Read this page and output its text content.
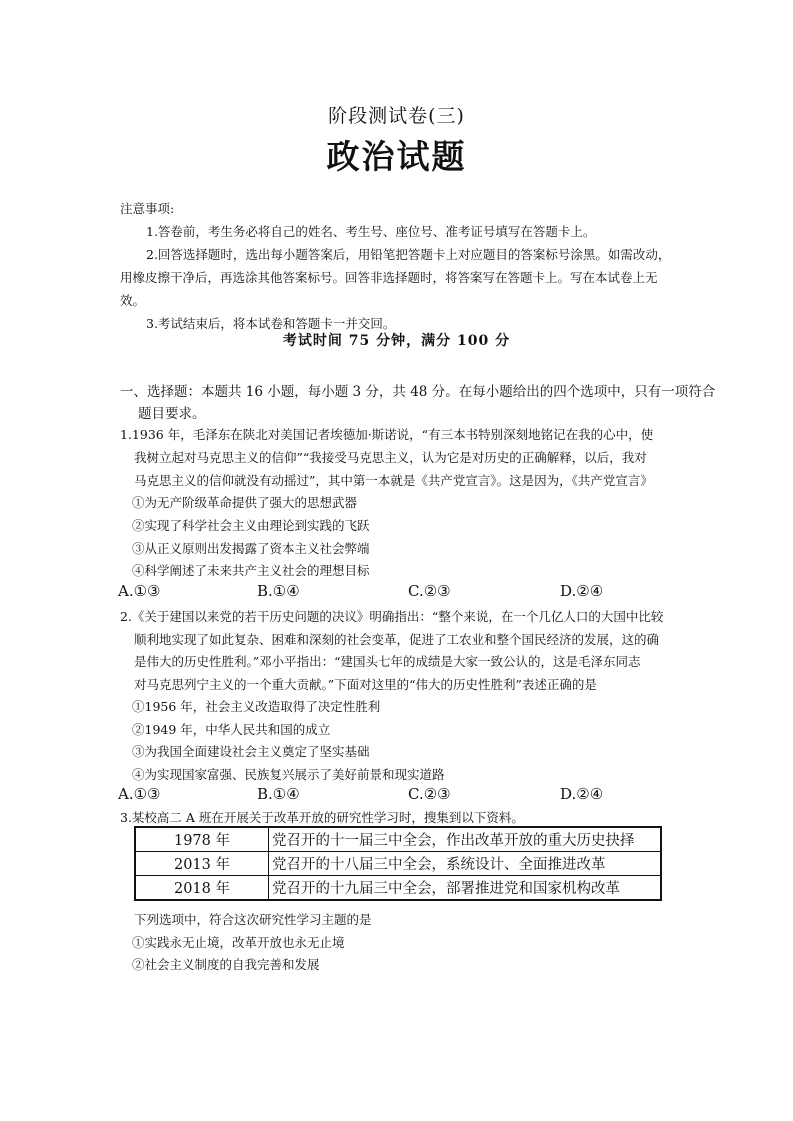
阶段测试卷(三)
政治试题
注意事项:
1.答卷前，考生务必将自己的姓名、考生号、座位号、准考证号填写在答题卡上。
2.回答选择题时，选出每小题答案后，用铅笔把答题卡上对应题目的答案标号涂黑。如需改动，
用橡皮擦干净后，再选涂其他答案标号。回答非选择题时，将答案写在答题卡上。写在本试卷上无
效。
3.考试结束后，将本试卷和答题卡一并交回。
考试时间 75 分钟，满分 100 分
一、选择题：本题共 16 小题，每小题 3 分，共 48 分。在每小题给出的四个选项中，只有一项符合
题目要求。
1.1936 年，毛泽东在陕北对美国记者埃德加·斯诺说，“有三本书特别深刻地铭记在我的心中，使
我树立起对马克思主义的信仰”“我接受马克思主义，认为它是对历史的正确解释，以后，我对
马克思主义的信仰就没有动摇过”，其中第一本就是《共产党宣言》。这是因为，《共产党宣言》
①为无产阶级革命提供了强大的思想武器
②实现了科学社会主义由理论到实践的飞跃
③从正义原则出发揭露了资本主义社会弊端
④科学阐述了未来共产主义社会的理想目标
A.①③	B.①④	C.②③	D.②④
2.《关于建国以来党的若干历史问题的决议》明确指出：“整个来说，在一个几亿人口的大国中比较
顺利地实现了如此复杂、困难和深刻的社会变革，促进了工农业和整个国民经济的发展，这的确
是伟大的历史性胜利。”邓小平指出：“建国头七年的成绩是大家一致公认的，这是毛泽东同志
对马克思列宁主义的一个重大贡献。”下面对这里的“伟大的历史性胜利”表述正确的是
①1956 年，社会主义改造取得了决定性胜利
②1949 年，中华人民共和国的成立
③为我国全面建设社会主义奠定了坚实基础
④为实现国家富强、民族复兴展示了美好前景和现实道路
A.①③	B.①④	C.②③	D.②④
3.某校高二 A 班在开展关于改革开放的研究性学习时，搜集到以下资料。
1978 年	党召开的十一届三中全会，作出改革开放的重大历史抉择
2013 年	党召开的十八届三中全会，系统设计、全面推进改革
2018 年	党召开的十九届三中全会，部署推进党和国家机构改革
下列选项中，符合这次研究性学习主题的是
①实践永无止境，改革开放也永无止境
②社会主义制度的自我完善和发展
